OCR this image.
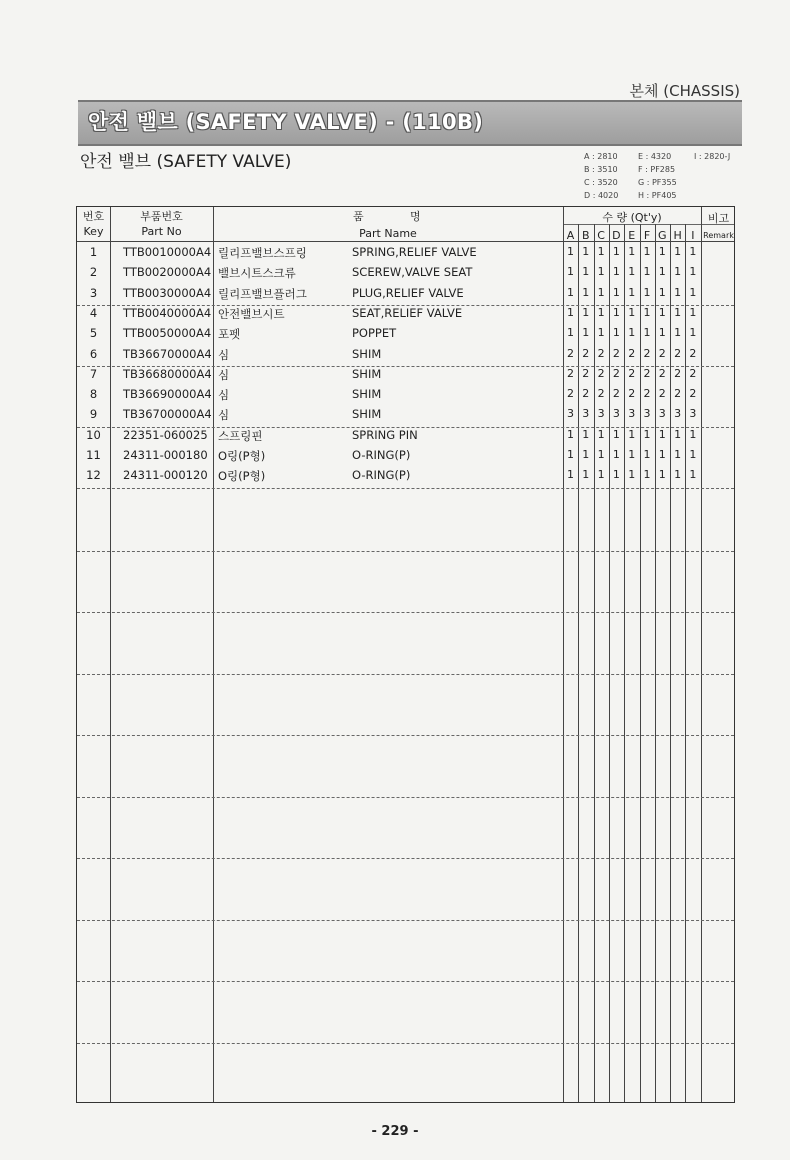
본체 (CHASSIS)
안전 밸브 (SAFETY VALVE) - (110B)
안전 밸브 (SAFETY VALVE)	A : 2810
B : 3510
C : 3520
D : 4020
E : 4320
F : PF285
G : PF355
H : PF405
I : 2820-J
번호
Key
부품번호
Part No
품	명
Part Name
수 량 (Qt'y)	비고
Remark
A B C D E F G H I
1	TTB0010000A4 릴리프밸브스프링	SPRING,RELIEF VALVE	1 1 1 1 1 1 1 1 1
2	TTB0020000A4 밸브시트스크류	SCEREW,VALVE SEAT	1 1 1 1 1 1 1 1 1
3	TTB0030000A4 릴리프밸브플러그	PLUG,RELIEF VALVE	1 1 1 1 1 1 1 1 1
4	TTB0040000A4 안전밸브시트	SEAT,RELIEF VALVE	1 1 1 1 1 1 1 1 1
5	TTB0050000A4 포펫	POPPET	1 1 1 1 1 1 1 1 1
6	TB36670000A4 심	SHIM	2 2 2 2 2 2 2 2 2
7	TB36680000A4 심	SHIM	2 2 2 2 2 2 2 2 2
8	TB36690000A4 심	SHIM	2 2 2 2 2 2 2 2 2
9	TB36700000A4 심	SHIM	3 3 3 3 3 3 3 3 3
10	22351-060025 스프링핀	SPRING PIN	1 1 1 1 1 1 1 1 1
11	24311-000180 O링(P형)	O-RING(P)	1 1 1 1 1 1 1 1 1
12	24311-000120 O링(P형)	O-RING(P)	1 1 1 1 1 1 1 1 1
- 229 -
